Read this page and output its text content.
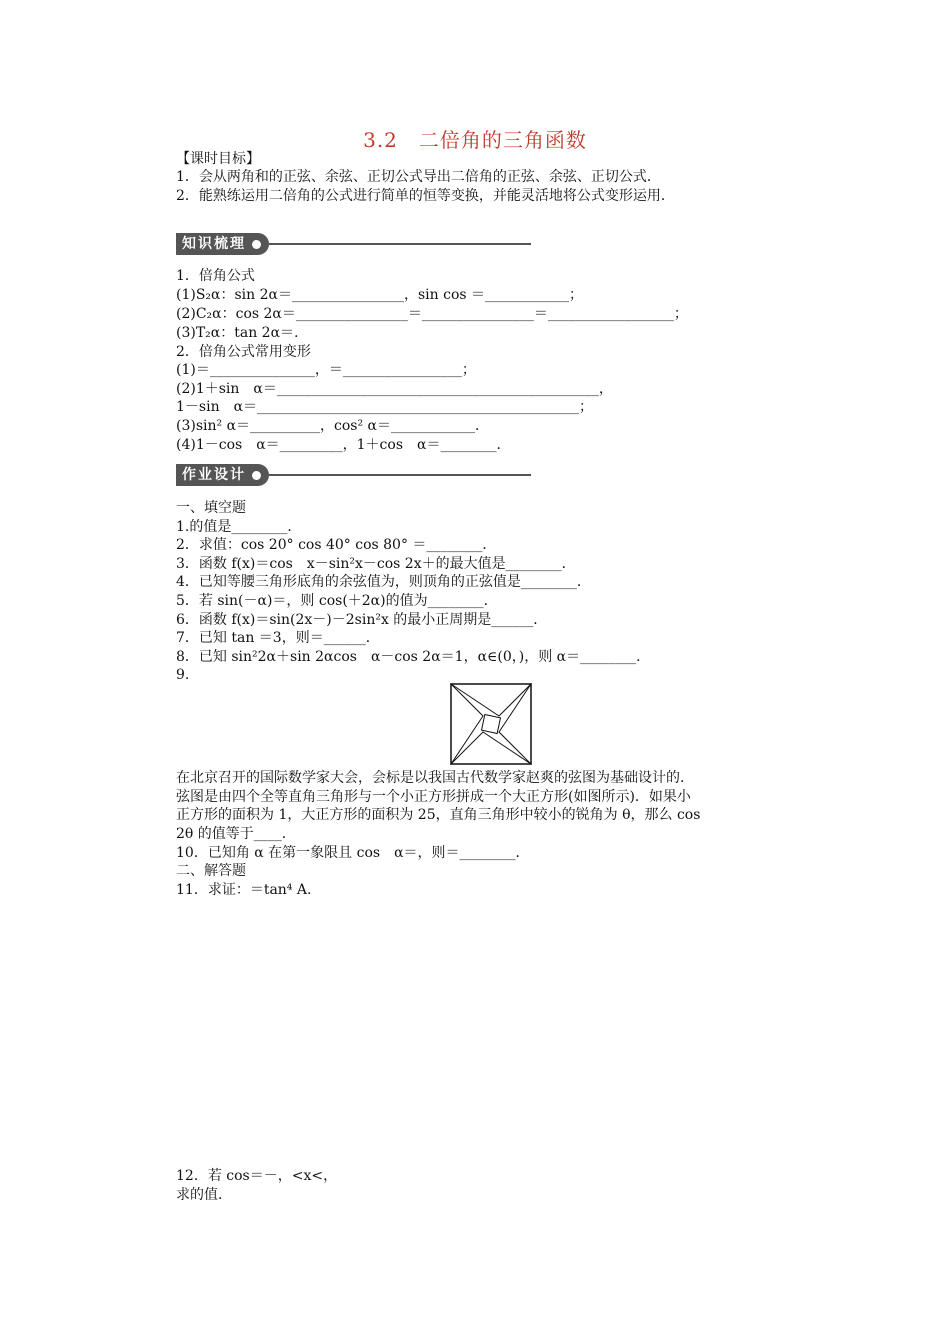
3.2　二倍角的三角函数
【课时目标】
1．会从两角和的正弦、余弦、正切公式导出二倍角的正弦、余弦、正切公式．
2．能熟练运用二倍角的公式进行简单的恒等变换，并能灵活地将公式变形运用．
知识梳理
1．倍角公式
(1)S₂α：sin 2α＝________________，sin cos ＝____________；
(2)C₂α：cos 2α＝________________＝________________＝__________________；
(3)T₂α：tan 2α＝.
2．倍角公式常用变形
(1)＝_______________，＝_________________；
(2)1＋sin　α＝______________________________________________，
1－sin　α＝______________________________________________；
(3)sin² α＝__________，cos² α＝____________．
(4)1－cos　α＝_________，1＋cos　α＝________．
作业设计
一、填空题
1.的值是________．
2．求值：cos 20° cos 40° cos 80° ＝________．
3．函数 f(x)＝cos　x－sin²x－cos 2x＋的最大值是________．
4．已知等腰三角形底角的余弦值为，则顶角的正弦值是________．
5．若 sin(－α)＝，则 cos(＋2α)的值为________．
6．函数 f(x)＝sin(2x－)－2sin²x 的最小正周期是______．
7．已知 tan ＝3，则＝______．
8．已知 sin²2α＋sin 2αcos　α－cos 2α＝1，α∈(0，)，则 α＝________．
9.
在北京召开的国际数学家大会，会标是以我国古代数学家赵爽的弦图为基础设计的．
弦图是由四个全等直角三角形与一个小正方形拼成一个大正方形(如图所示)．如果小
正方形的面积为 1，大正方形的面积为 25，直角三角形中较小的锐角为 θ，那么 cos
2θ 的值等于____．
10．已知角 α 在第一象限且 cos　α＝，则＝________．
二、解答题
11．求证：＝tan⁴ A.
12．若 cos＝－，<x<，
求的值．
